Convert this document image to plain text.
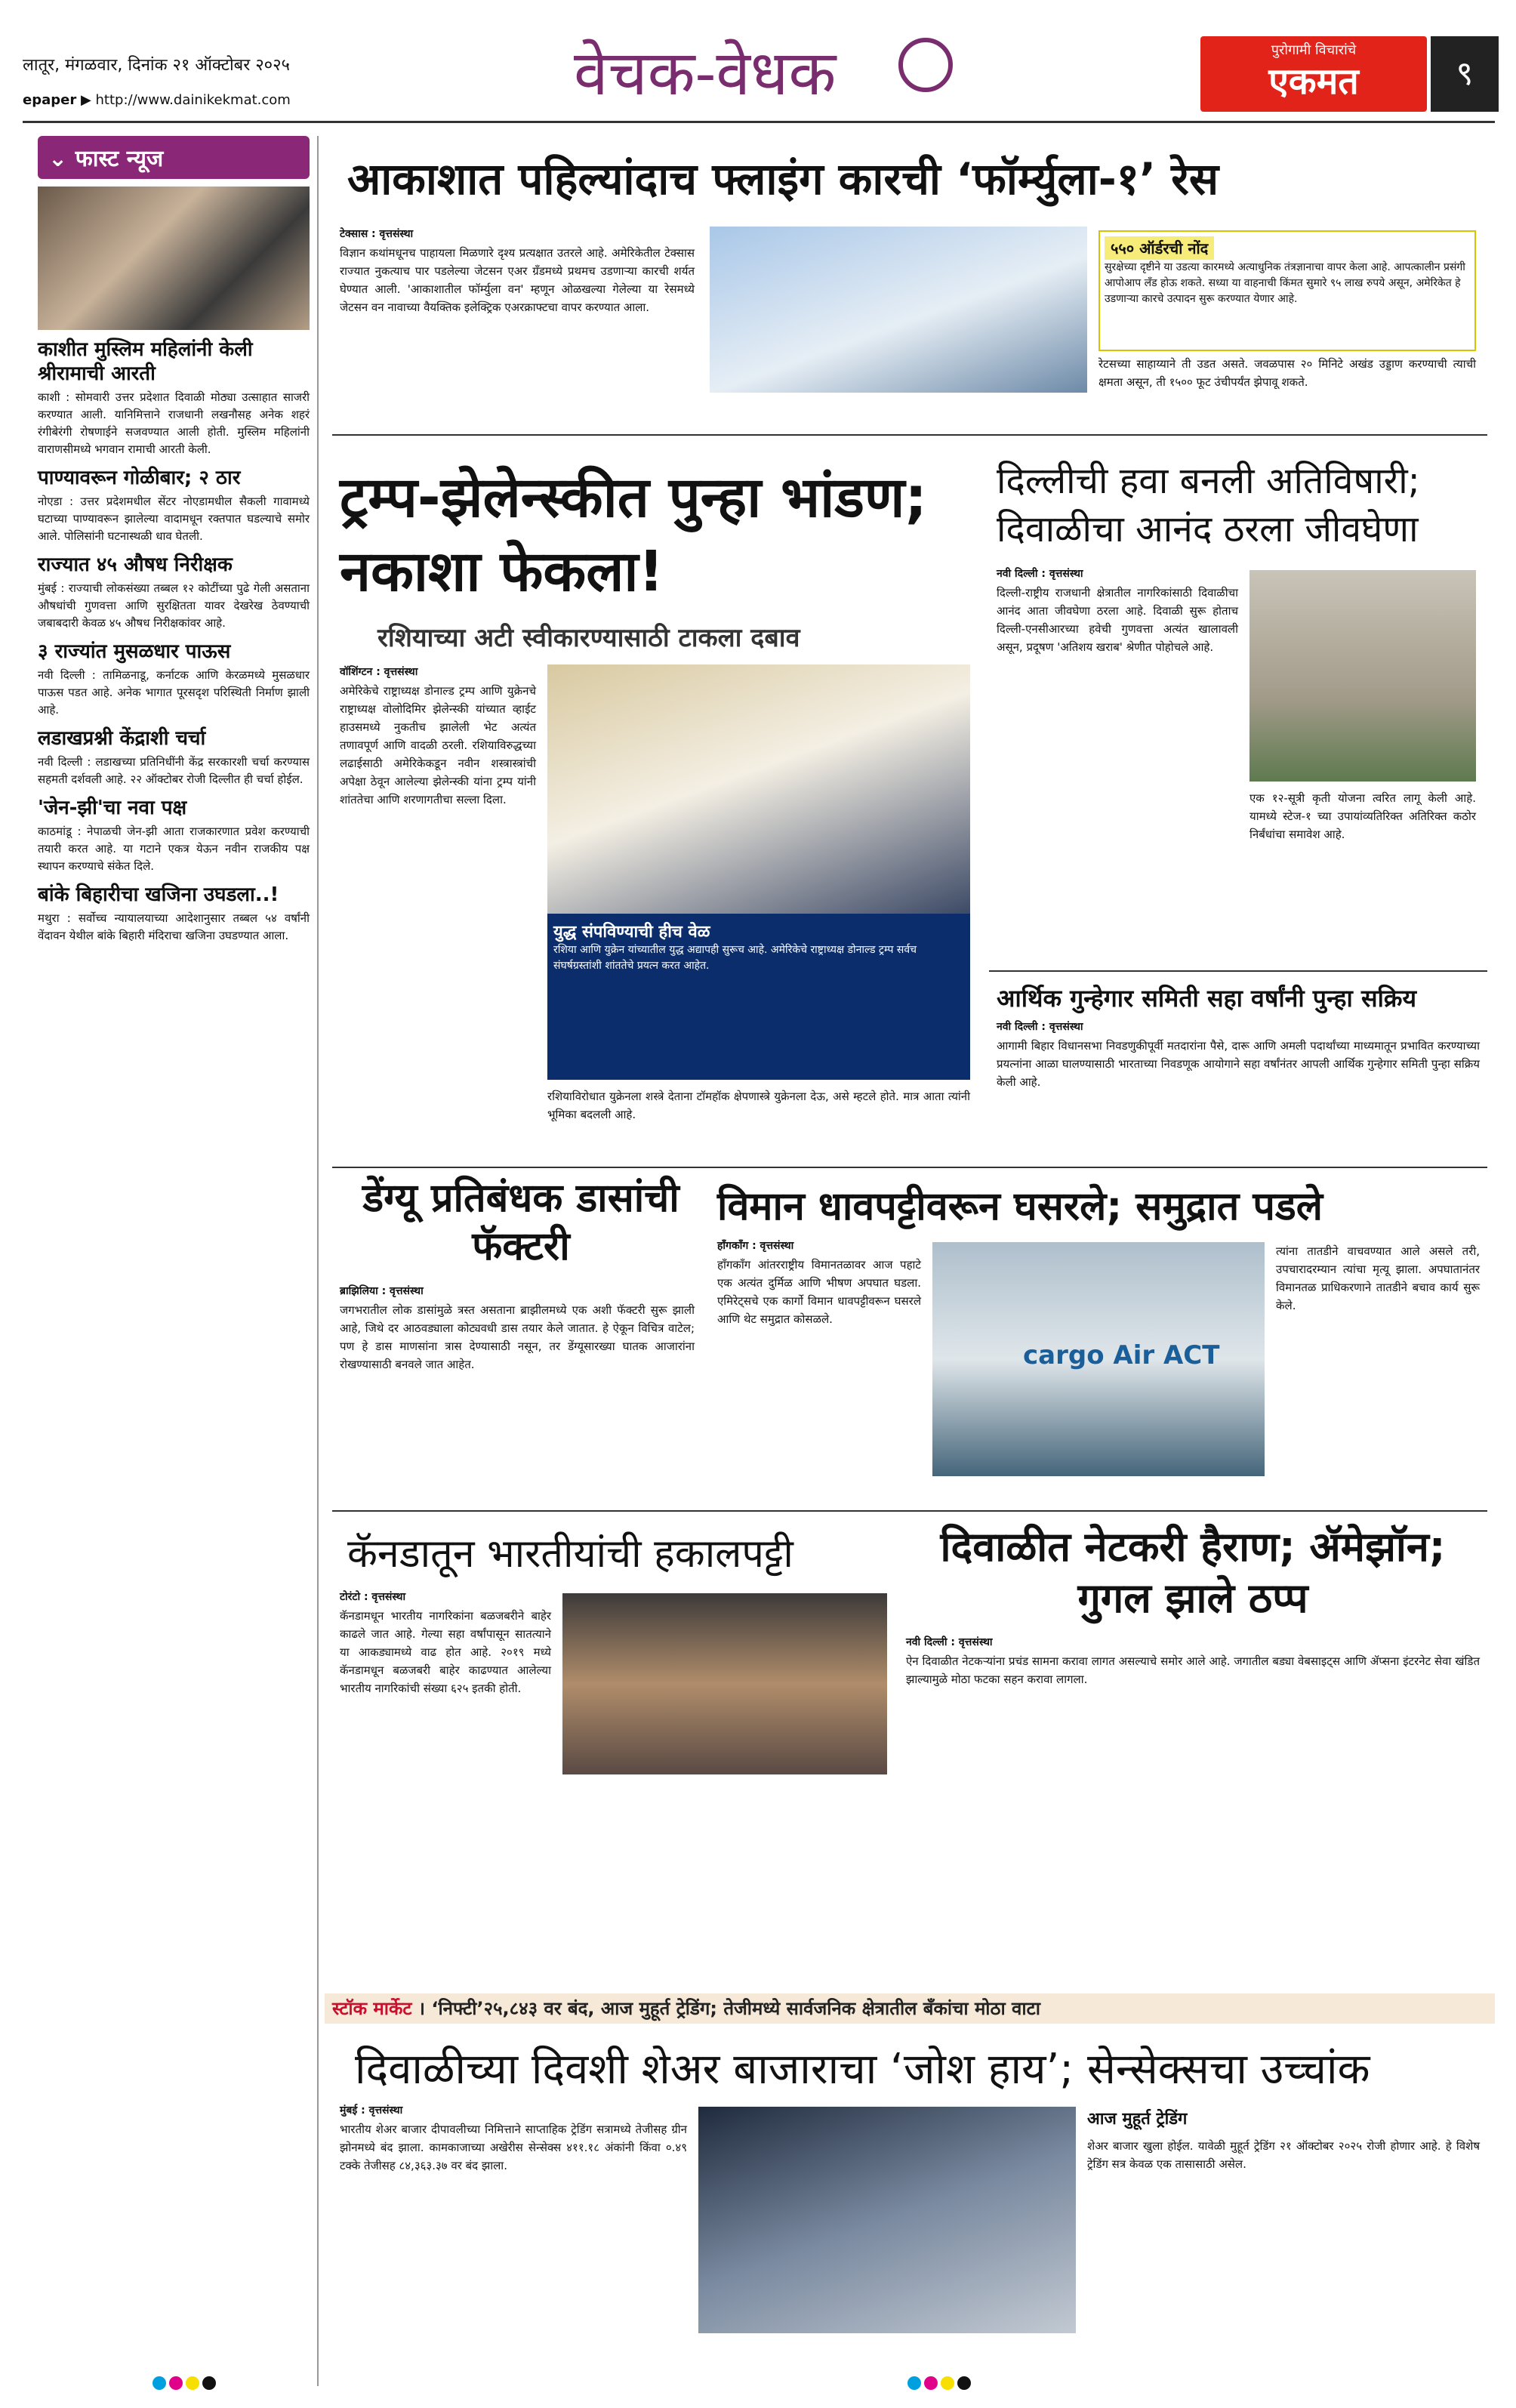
लातूर, मंगळवार, दिनांक २१ ऑक्टोबर २०२५
epaper ▶ http://www.dainikekmat.com	वेचक-वेधक	पुरोगामी विचारांचे
एकमत	९
⌄ फास्ट न्यूज
काशीत मुस्लिम महिलांनी केली श्रीरामाची आरती

काशी : सोमवारी उत्तर प्रदेशात दिवाळी मोठ्या उत्साहात साजरी करण्यात आली. यानिमित्ताने राजधानी लखनौसह अनेक शहरं रंगीबेरंगी रोषणाईने सजवण्यात आली होती. मुस्लिम महिलांनी वाराणसीमध्ये भगवान रामाची आरती केली.

पाण्यावरून गोळीबार; २ ठार

नोएडा : उत्तर प्रदेशमधील सेंटर नोएडामधील सैकली गावामध्ये घटाच्या पाण्यावरून झालेल्या वादामधून रक्तपात घडल्याचे समोर आले. पोलिसांनी घटनास्थळी धाव घेतली.

राज्यात ४५ औषध निरीक्षक

मुंबई : राज्याची लोकसंख्या तब्बल १२ कोटींच्या पुढे गेली असताना औषधांची गुणवत्ता आणि सुरक्षितता यावर देखरेख ठेवण्याची जबाबदारी केवळ ४५ औषध निरीक्षकांवर आहे.

३ राज्यांत मुसळधार पाऊस

नवी दिल्ली : तामिळनाडू, कर्नाटक आणि केरळमध्ये मुसळधार पाऊस पडत आहे. अनेक भागात पूरसदृश परिस्थिती निर्माण झाली आहे.

लडाखप्रश्नी केंद्राशी चर्चा

नवी दिल्ली : लडाखच्या प्रतिनिधींनी केंद्र सरकारशी चर्चा करण्यास सहमती दर्शवली आहे. २२ ऑक्टोबर रोजी दिल्लीत ही चर्चा होईल.

'जेन-झी'चा नवा पक्ष

काठमांडू : नेपाळची जेन-झी आता राजकारणात प्रवेश करण्याची तयारी करत आहे. या गटाने एकत्र येऊन नवीन राजकीय पक्ष स्थापन करण्याचे संकेत दिले.

बांके बिहारीचा खजिना उघडला..!

मथुरा : सर्वोच्च न्यायालयाच्या आदेशानुसार तब्बल ५४ वर्षांनी वेंदावन येथील बांके बिहारी मंदिराचा खजिना उघडण्यात आला.

आकाशात पहिल्यांदाच फ्लाइंग कारची ‘फॉर्म्युला-१’ रेस
टेक्सास : वृत्तसंस्था

विज्ञान कथांमधूनच पाहायला मिळणारे दृश्य प्रत्यक्षात उतरले आहे. अमेरिकेतील टेक्सास राज्यात नुकत्याच पार पडलेल्या जेटसन एअर ग्रँडमध्ये प्रथमच उडणाऱ्या कारची शर्यत घेण्यात आली. 'आकाशातील फॉर्म्युला वन' म्हणून ओळखल्या गेलेल्या या रेसमध्ये जेटसन वन नावाच्या वैयक्तिक इलेक्ट्रिक एअरक्राफ्टचा वापर करण्यात आला.

५५० ऑर्डरची नोंद
सुरक्षेच्या दृष्टीने या उडत्या कारमध्ये अत्याधुनिक तंत्रज्ञानाचा वापर केला आहे. आपत्कालीन प्रसंगी आपोआप लँड होऊ शकते. सध्या या वाहनाची किंमत सुमारे ९५ लाख रुपये असून, अमेरिकेत हे उडणाऱ्या कारचे उत्पादन सुरू करण्यात येणार आहे.

रेटसच्या साहाय्याने ती उडत असते. जवळपास २० मिनिटे अखंड उड्डाण करण्याची त्याची क्षमता असून, ती १५०० फूट उंचीपर्यंत झेपावू शकते.

ट्रम्प-झेलेन्स्कीत पुन्हा भांडण; नकाशा फेकला!
रशियाच्या अटी स्वीकारण्यासाठी टाकला दबाव
वॉशिंग्टन : वृत्तसंस्था

अमेरिकेचे राष्ट्राध्यक्ष डोनाल्ड ट्रम्प आणि युक्रेनचे राष्ट्राध्यक्ष वोलोदिमिर झेलेन्स्की यांच्यात व्हाईट हाउसमध्ये नुकतीच झालेली भेट अत्यंत तणावपूर्ण आणि वादळी ठरली. रशियाविरुद्धच्या लढाईसाठी अमेरिकेकडून नवीन शस्त्रास्त्रांची अपेक्षा ठेवून आलेल्या झेलेन्स्की यांना ट्रम्प यांनी शांततेचा आणि शरणागतीचा सल्ला दिला.

युद्ध संपविण्याची हीच वेळ
रशिया आणि युक्रेन यांच्यातील युद्ध अद्यापही सुरूच आहे. अमेरिकेचे राष्ट्राध्यक्ष डोनाल्ड ट्रम्प सर्वच संघर्षग्रस्तांशी शांततेचे प्रयत्न करत आहेत.

रशियाविरोधात युक्रेनला शस्त्रे देताना टॉमहॉक क्षेपणास्त्रे युक्रेनला देऊ, असे म्हटले होते. मात्र आता त्यांनी भूमिका बदलली आहे.

दिल्लीची हवा बनली अतिविषारी; दिवाळीचा आनंद ठरला जीवघेणा
नवी दिल्ली : वृत्तसंस्था

दिल्ली-राष्ट्रीय राजधानी क्षेत्रातील नागरिकांसाठी दिवाळीचा आनंद आता जीवघेणा ठरला आहे. दिवाळी सुरू होताच दिल्ली-एनसीआरच्या हवेची गुणवत्ता अत्यंत खालावली असून, प्रदूषण 'अतिशय खराब' श्रेणीत पोहोचले आहे.

एक १२-सूत्री कृती योजना त्वरित लागू केली आहे. यामध्ये स्टेज-१ च्या उपायांव्यतिरिक्त अतिरिक्त कठोर निर्बंधांचा समावेश आहे.

आर्थिक गुन्हेगार समिती सहा वर्षांनी पुन्हा सक्रिय
नवी दिल्ली : वृत्तसंस्था

आगामी बिहार विधानसभा निवडणुकीपूर्वी मतदारांना पैसे, दारू आणि अमली पदार्थांच्या माध्यमातून प्रभावित करण्याच्या प्रयत्नांना आळा घालण्यासाठी भारताच्या निवडणूक आयोगाने सहा वर्षांनंतर आपली आर्थिक गुन्हेगार समिती पुन्हा सक्रिय केली आहे.

डेंग्यू प्रतिबंधक डासांची फॅक्टरी
ब्राझिलिया : वृत्तसंस्था

जगभरातील लोक डासांमुळे त्रस्त असताना ब्राझीलमध्ये एक अशी फॅक्टरी सुरू झाली आहे, जिथे दर आठवड्याला कोट्यवधी डास तयार केले जातात. हे ऐकून विचित्र वाटेल; पण हे डास माणसांना त्रास देण्यासाठी नसून, तर डेंग्यूसारख्या घातक आजारांना रोखण्यासाठी बनवले जात आहेत.

विमान धावपट्टीवरून घसरले; समुद्रात पडले
हॉंगकॉंग : वृत्तसंस्था

हॉंगकॉंग आंतरराष्ट्रीय विमानतळावर आज पहाटे एक अत्यंत दुर्मिळ आणि भीषण अपघात घडला. एमिरेट्सचे एक कार्गो विमान धावपट्टीवरून घसरले आणि थेट समुद्रात कोसळले.

cargo Air ACT

त्यांना तातडीने वाचवण्यात आले असले तरी, उपचारादरम्यान त्यांचा मृत्यू झाला. अपघातानंतर विमानतळ प्राधिकरणाने तातडीने बचाव कार्य सुरू केले.

कॅनडातून भारतीयांची हकालपट्टी
टोरंटो : वृत्तसंस्था

कॅनडामधून भारतीय नागरिकांना बळजबरीने बाहेर काढले जात आहे. गेल्या सहा वर्षांपासून सातत्याने या आकड्यामध्ये वाढ होत आहे. २०१९ मध्ये कॅनडामधून बळजबरी बाहेर काढण्यात आलेल्या भारतीय नागरिकांची संख्या ६२५ इतकी होती.

दिवाळीत नेटकरी हैराण; ॲमेझॉन; गुगल झाले ठप्प
नवी दिल्ली : वृत्तसंस्था

ऐन दिवाळीत नेटकऱ्यांना प्रचंड सामना करावा लागत असल्याचे समोर आले आहे. जगातील बड्या वेबसाइट्स आणि ॲप्सना इंटरनेट सेवा खंडित झाल्यामुळे मोठा फटका सहन करावा लागला.

स्टॉक मार्केट । ‘निफ्टी’२५,८४३ वर बंद, आज मुहूर्त ट्रेडिंग; तेजीमध्ये सार्वजनिक क्षेत्रातील बँकांचा मोठा वाटा
दिवाळीच्या दिवशी शेअर बाजाराचा ‘जोश हाय’; सेन्सेक्सचा उच्चांक
मुंबई : वृत्तसंस्था

भारतीय शेअर बाजार दीपावलीच्या निमित्ताने साप्ताहिक ट्रेडिंग सत्रामध्ये तेजीसह ग्रीन झोनमध्ये बंद झाला. कामकाजाच्या अखेरीस सेन्सेक्स ४११.१८ अंकांनी किंवा ०.४९ टक्के तेजीसह ८४,३६३.३७ वर बंद झाला.

आज मुहूर्त ट्रेडिंग

शेअर बाजार खुला होईल. यावेळी मुहूर्त ट्रेडिंग २१ ऑक्टोबर २०२५ रोजी होणार आहे. हे विशेष ट्रेडिंग सत्र केवळ एक तासासाठी असेल.
